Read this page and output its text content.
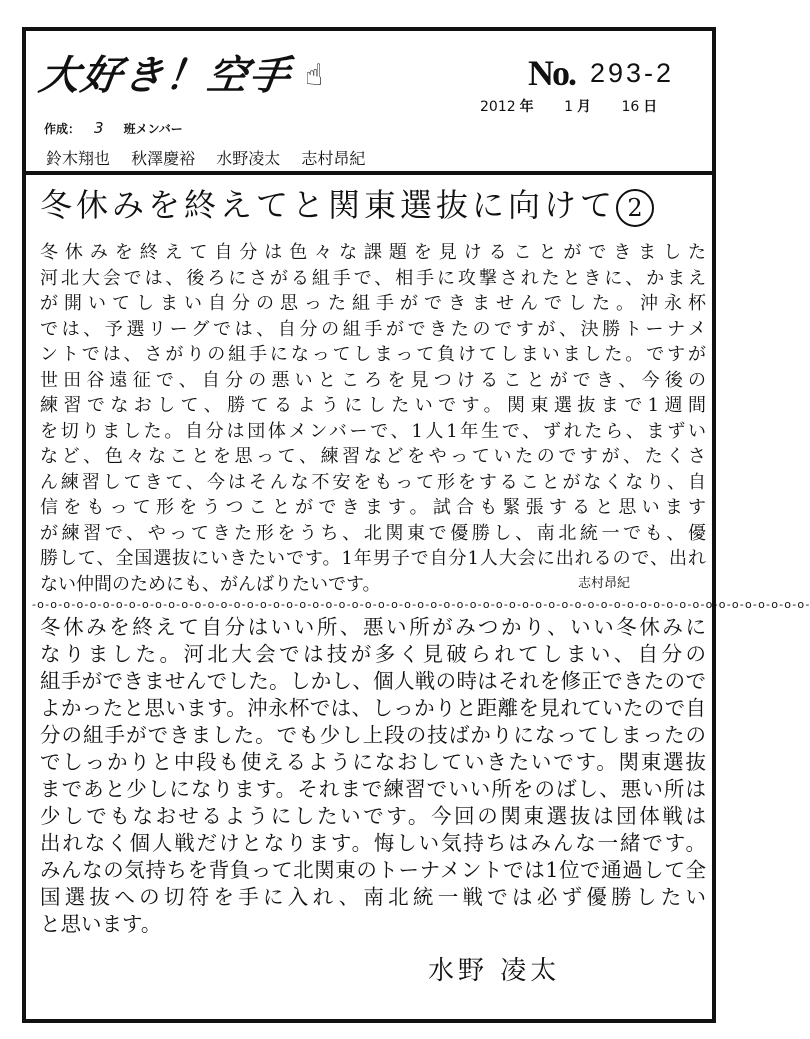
大好き！空手 ☝	No. 293-2
2012 年 1 月 16 日
作成： 3 班メンバー
鈴木翔也 秋澤慶裕 水野凌太 志村昂紀
冬休みを終えてと関東選抜に向けて 2
冬休みを終えて自分は色々な課題を見けることができました
河北大会では、後ろにさがる組手で、相手に攻撃されたときに、かまえ
が開いてしまい自分の思った組手ができませんでした。沖永杯
では、予選リーグでは、自分の組手ができたのですが、決勝トーナメ
ントでは、さがりの組手になってしまって負けてしまいました。ですが
世田谷遠征で、自分の悪いところを見つけることができ、今後の
練習でなおして、勝てるようにしたいです。関東選抜まで1週間
を切りました。自分は団体メンバーで、1人1年生で、ずれたら、まずい
など、色々なことを思って、練習などをやっていたのですが、たくさ
ん練習してきて、今はそんな不安をもって形をすることがなくなり、自
信をもって形をうつことができます。試合も緊張すると思います
が練習で、やってきた形をうち、北関東で優勝し、南北統一でも、優
勝して、全国選抜にいきたいです。1年男子で自分1人大会に出れるので、出れ
ない仲間のためにも、がんばりたいです。	志村昂紀
-o-o-o-o-o-o-o-o-o-o-o-o-o-o-o-o-o-o-o-o-o-o-o-o-o-o-o-o-o-o-o-o-o-o-o-o-o-o-o-o-o-o-o-o-o-o-o-o-o-o-o-o-o-o-o-o-o-o-o-
冬休みを終えて自分はいい所、悪い所がみつかり、いい冬休みに
なりました。河北大会では技が多く見破られてしまい、自分の
組手ができませんでした。しかし、個人戦の時はそれを修正できたので
よかったと思います。沖永杯では、しっかりと距離を見れていたので自
分の組手ができました。でも少し上段の技ばかりになってしまったの
でしっかりと中段も使えるようになおしていきたいです。関東選抜
まであと少しになります。それまで練習でいい所をのばし、悪い所は
少しでもなおせるようにしたいです。今回の関東選抜は団体戦は
出れなく個人戦だけとなります。悔しい気持ちはみんな一緒です。
みんなの気持ちを背負って北関東のトーナメントでは1位で通過して全
国選抜への切符を手に入れ、南北統一戦では必ず優勝したい
と思います。
水野 凌太
